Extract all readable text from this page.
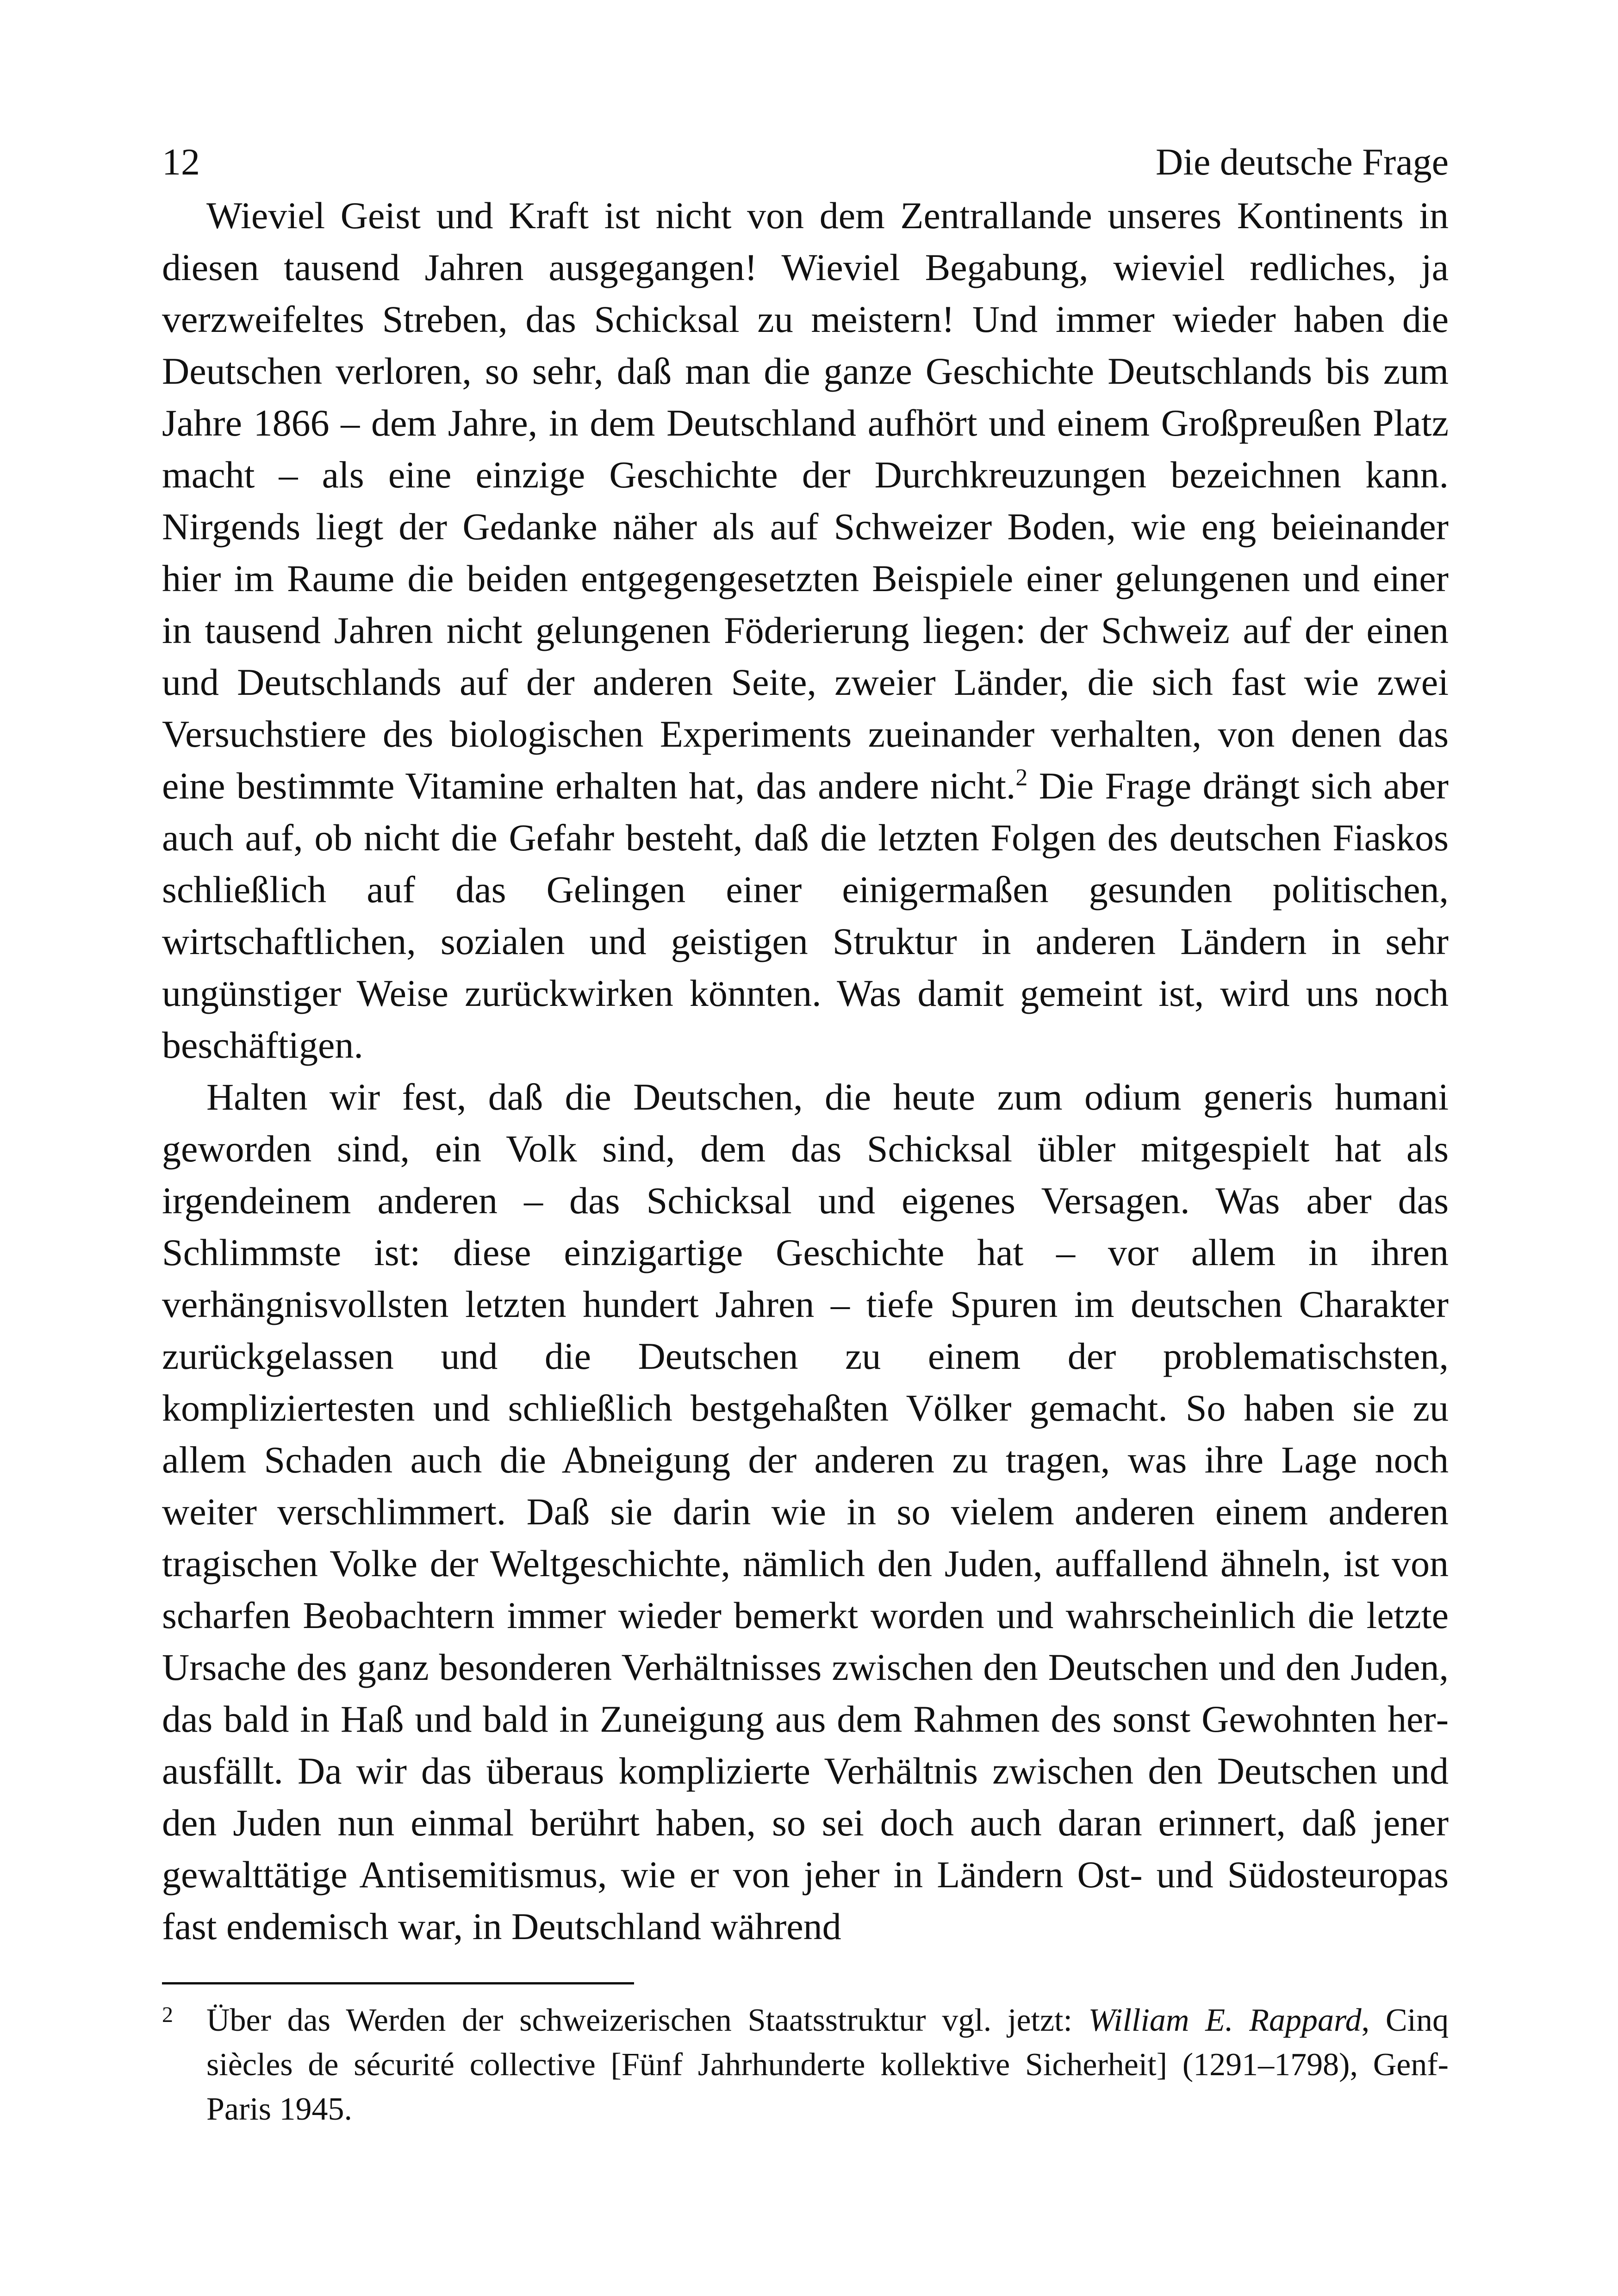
12	Die deutsche Frage

Wieviel Geist und Kraft ist nicht von dem Zentrallande unseres Kontinents in diesen tausend Jahren ausgegangen! Wieviel Begabung, wieviel redliches, ja verzweifeltes Streben, das Schicksal zu meistern! Und immer wieder haben die Deutschen verloren, so sehr, daß man die ganze Geschichte Deutschlands bis zum Jahre 1866 – dem Jahre, in dem Deutschland aufhört und einem Großpreußen Platz macht – als eine einzige Geschichte der Durchkreuzungen bezeichnen kann. Nirgends liegt der Gedanke näher als auf Schweizer Boden, wie eng beieinander hier im Raume die beiden entgegengesetzten Beispiele einer gelungenen und einer in tausend Jahren nicht gelungenen Föderierung liegen: der Schweiz auf der einen und Deutschlands auf der anderen Seite, zweier Länder, die sich fast wie zwei Versuchstiere des biologischen Experiments zueinander verhalten, von denen das eine bestimmte Vitamine erhalten hat, das andere nicht.$^2$ Die Frage drängt sich aber auch auf, ob nicht die Gefahr besteht, daß die letzten Folgen des deutschen Fiaskos schließlich auf das Gelingen einer einigermaßen gesunden politischen, wirtschaftlichen, sozialen und geistigen Struktur in anderen Ländern in sehr ungünstiger Weise zurückwirken könnten. Was damit gemeint ist, wird uns noch beschäftigen.

Halten wir fest, daß die Deutschen, die heute zum odium generis humani geworden sind, ein Volk sind, dem das Schicksal übler mitgespielt hat als irgendeinem anderen – das Schicksal und eigenes Versagen. Was aber das Schlimmste ist: diese einzigartige Geschichte hat – vor allem in ihren verhängnisvollsten letzten hundert Jahren – tiefe Spuren im deutschen Charakter zurückgelassen und die Deutschen zu einem der problematischsten, kompliziertesten und schließlich bestgehaßten Völker gemacht. So haben sie zu allem Schaden auch die Abneigung der anderen zu tragen, was ihre Lage noch weiter verschlimmert. Daß sie darin wie in so vielem anderen einem anderen tragischen Volke der Weltgeschichte, nämlich den Juden, auffallend ähneln, ist von scharfen Beobachtern immer wieder bemerkt worden und wahrscheinlich die letzte Ursache des ganz besonderen Verhältnisses zwischen den Deutschen und den Juden, das bald in Haß und bald in Zuneigung aus dem Rahmen des sonst Gewohnten herausfällt. Da wir das überaus komplizierte Verhältnis zwischen den Deutschen und den Juden nun einmal berührt haben, so sei doch auch daran erinnert, daß jener gewalttätige Antisemitismus, wie er von jeher in Ländern Ost- und Südosteuropas fast endemisch war, in Deutschland während

2 Über das Werden der schweizerischen Staatsstruktur vgl. jetzt: William E. Rappard, Cinq siècles de sécurité collective [Fünf Jahrhunderte kollektive Sicherheit] (1291–1798), Genf-Paris 1945.
